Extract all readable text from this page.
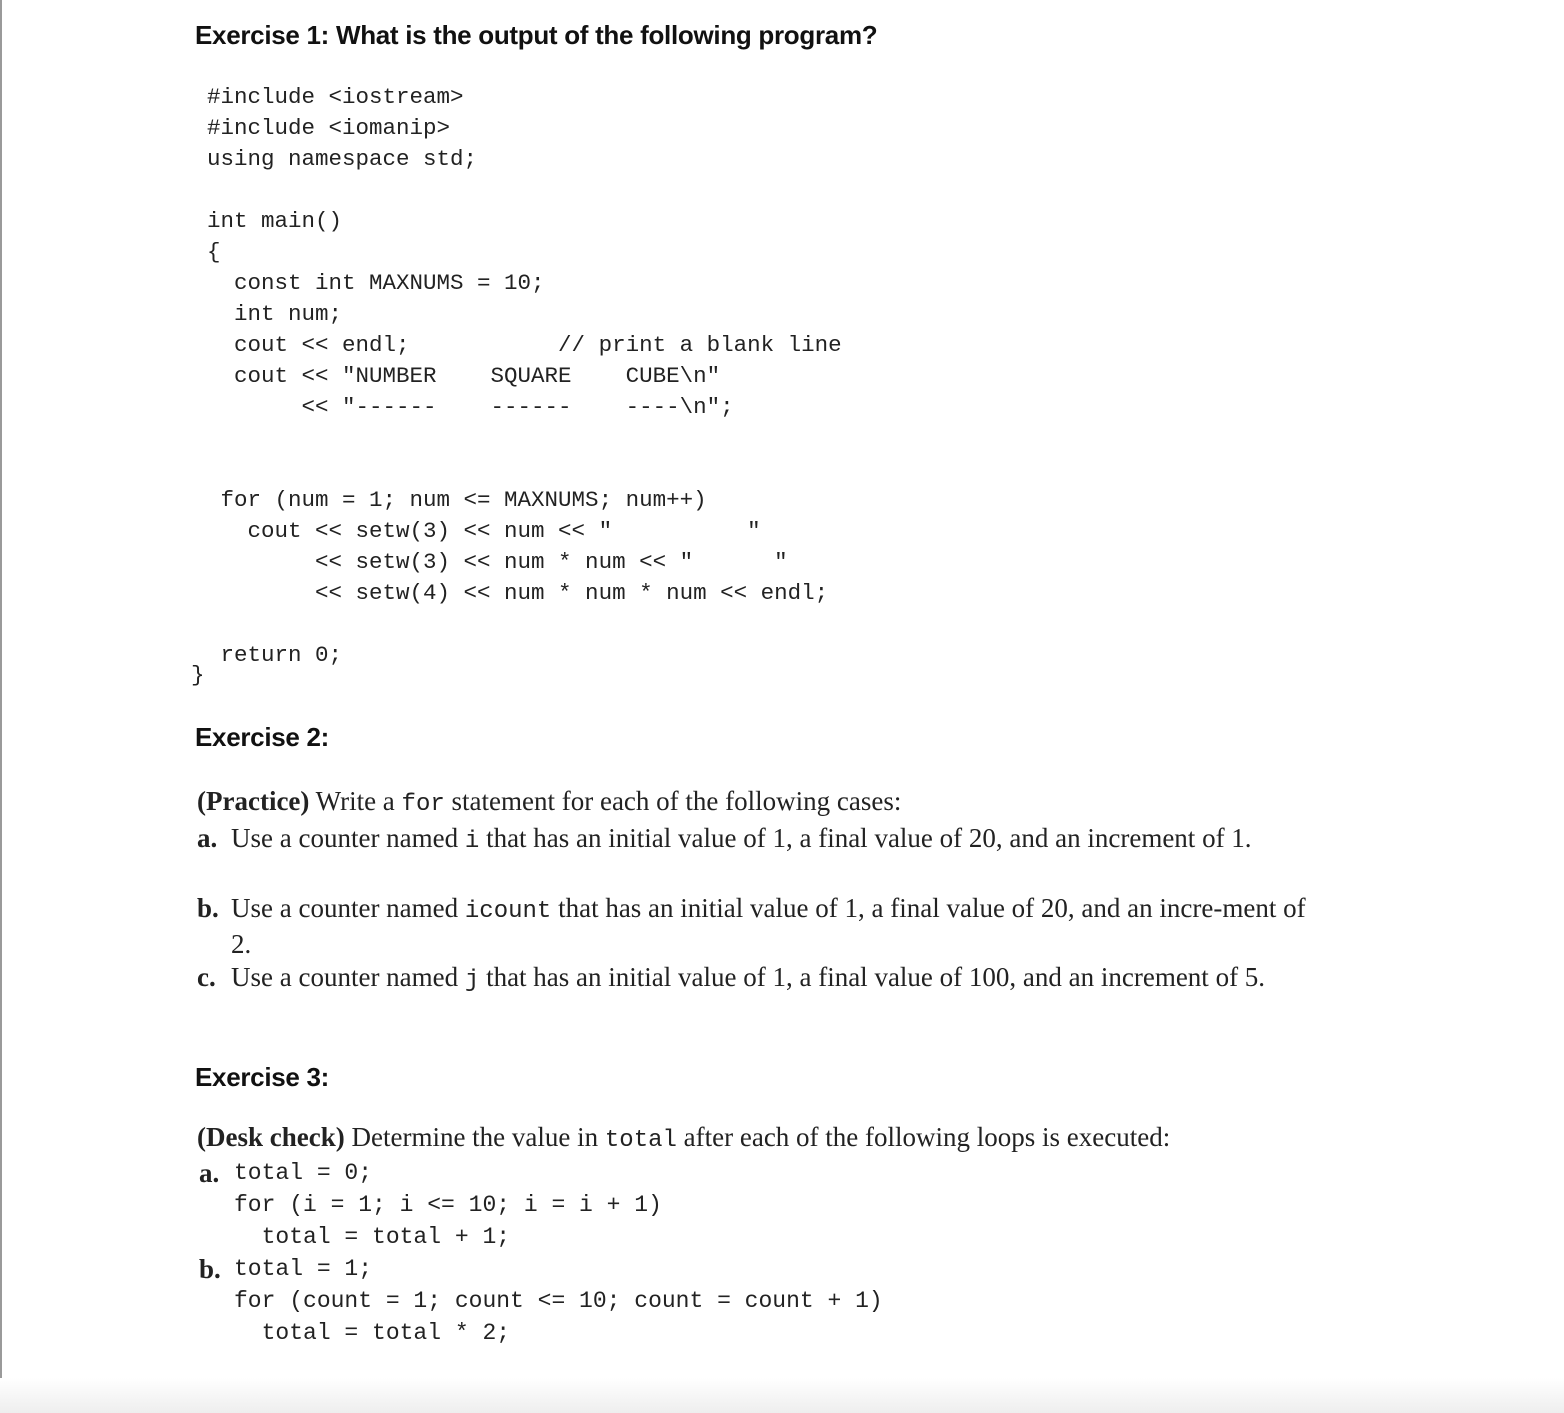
Exercise 1: What is the output of the following program?
#include <iostream>
#include <iomanip>
using namespace std;

int main()
{
const int MAXNUMS = 10;
int num;
cout << endl;           // print a blank line
cout << "NUMBER    SQUARE    CUBE\n"
<< "------    ------    ----\n";

for (num = 1; num <= MAXNUMS; num++)
cout << setw(3) << num << "          "
<< setw(3) << num * num << "      "
<< setw(4) << num * num * num << endl;

return 0;
}
Exercise 2:
(Practice) Write a for statement for each of the following cases:
a. Use a counter named i that has an initial value of 1, a final value of 20, and an increment of 1.
b. Use a counter named icount that has an initial value of 1, a final value of 20, and an incre-ment of 2.
c. Use a counter named j that has an initial value of 1, a final value of 100, and an increment of 5.
Exercise 3:
(Desk check) Determine the value in total after each of the following loops is executed:
a. total = 0;
for (i = 1; i <= 10; i = i + 1)
total = total + 1;
b. total = 1;
for (count = 1; count <= 10; count = count + 1)
total = total * 2;
